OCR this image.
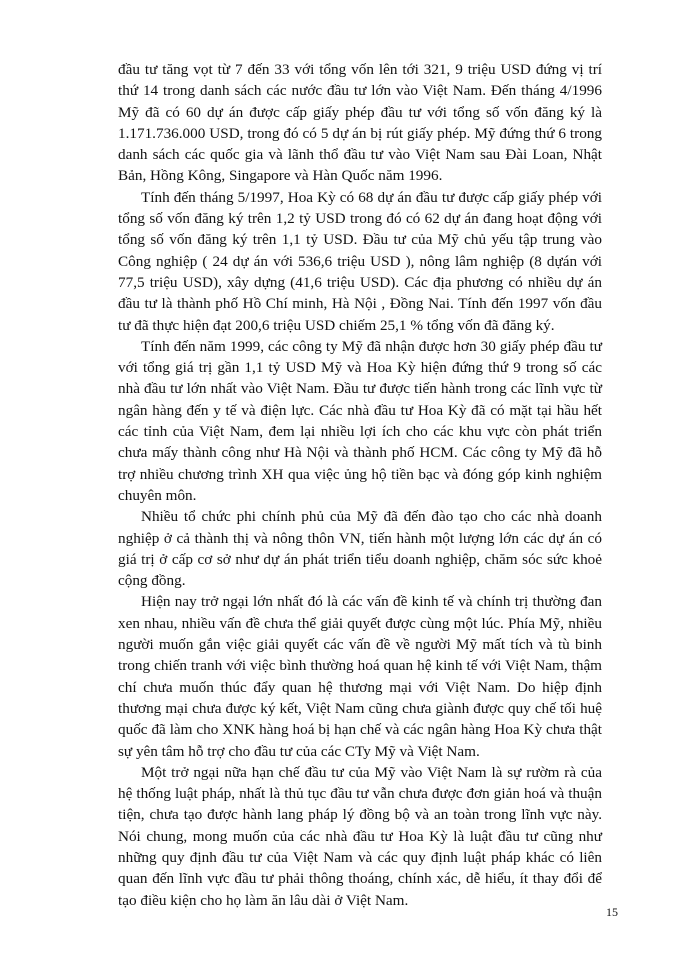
đầu tư tăng vọt từ 7 đến 33 với tổng vốn lên tới 321, 9 triệu USD đứng vị trí thứ 14 trong danh sách các nước đầu tư lớn vào Việt Nam. Đến tháng 4/1996 Mỹ đã có 60 dự án được cấp giấy phép đầu tư với tổng số vốn đăng ký là 1.171.736.000 USD, trong đó có 5 dự án bị rút giấy phép. Mỹ đứng thứ 6 trong danh sách các quốc gia và lãnh thổ đầu tư vào Việt Nam sau Đài Loan, Nhật Bản, Hồng Kông, Singapore và Hàn Quốc năm 1996.

Tính đến tháng 5/1997, Hoa Kỳ có 68 dự án đầu tư được cấp giấy phép với tổng số vốn đăng ký trên 1,2 tỷ USD trong đó có 62 dự án đang hoạt động với tổng số vốn đăng ký trên 1,1 tỷ USD. Đầu tư của Mỹ chủ yếu tập trung vào Công nghiệp ( 24 dự án với 536,6 triệu USD ), nông lâm nghiệp (8 dựán với 77,5 triệu USD), xây dựng (41,6 triệu USD). Các địa phương có nhiều dự án đầu tư là thành phố Hồ Chí minh, Hà Nội , Đồng Nai. Tính đến 1997 vốn đầu tư đã thực hiện đạt 200,6 triệu USD chiếm 25,1 % tổng vốn đã đăng ký.

Tính đến năm 1999, các công ty Mỹ đã nhận được hơn 30 giấy phép đầu tư với tổng giá trị gần 1,1 tỷ USD Mỹ và Hoa Kỳ hiện đứng thứ 9 trong số các nhà đầu tư lớn nhất vào Việt Nam. Đầu tư được tiến hành trong các lĩnh vực từ ngân hàng đến y tế và điện lực. Các nhà đầu tư Hoa Kỳ đã có mặt tại hầu hết các tỉnh của Việt Nam, đem lại nhiều lợi ích cho các khu vực còn phát triển chưa mấy thành công như Hà Nội và thành phố HCM. Các công ty Mỹ đã hỗ trợ nhiều chương trình XH qua việc ủng hộ tiền bạc và đóng góp kinh nghiệm chuyên môn.

Nhiều tổ chức phi chính phủ của Mỹ đã đến đào tạo cho các nhà doanh nghiệp ở cả thành thị và nông thôn VN, tiến hành một lượng lớn các dự án có giá trị ở cấp cơ sở như dự án phát triển tiểu doanh nghiệp, chăm sóc sức khoẻ cộng đồng.

Hiện nay trở ngại lớn nhất đó là các vấn đề kinh tế và chính trị thường đan xen nhau, nhiều vấn đề chưa thể giải quyết được cùng một lúc. Phía Mỹ, nhiều người muốn gắn việc giải quyết các vấn đề về người Mỹ mất tích và tù binh trong chiến tranh với việc bình thường hoá quan hệ kinh tế với Việt Nam, thậm chí chưa muốn thúc đẩy quan hệ thương mại với Việt Nam. Do hiệp định thương mại chưa được ký kết, Việt Nam cũng chưa giành được quy chế tối huệ quốc đã làm cho XNK hàng hoá bị hạn chế và các ngân hàng Hoa Kỳ chưa thật sự yên tâm hỗ trợ cho đầu tư của các CTy Mỹ và Việt Nam.

Một trở ngại nữa hạn chế đầu tư của Mỹ vào Việt Nam là sự rườm rà của hệ thống luật pháp, nhất là thủ tục đầu tư vẫn chưa được đơn giản hoá và thuận tiện, chưa tạo được hành lang pháp lý đồng bộ và an toàn trong lĩnh vực này. Nói chung, mong muốn của các nhà đầu tư Hoa Kỳ là luật đầu tư cũng như những quy định đầu tư của Việt Nam và các quy định luật pháp khác có liên quan đến lĩnh vực đầu tư phải thông thoáng, chính xác, dễ hiểu, ít thay đổi để tạo điều kiện cho họ làm ăn lâu dài ở Việt Nam.

15
